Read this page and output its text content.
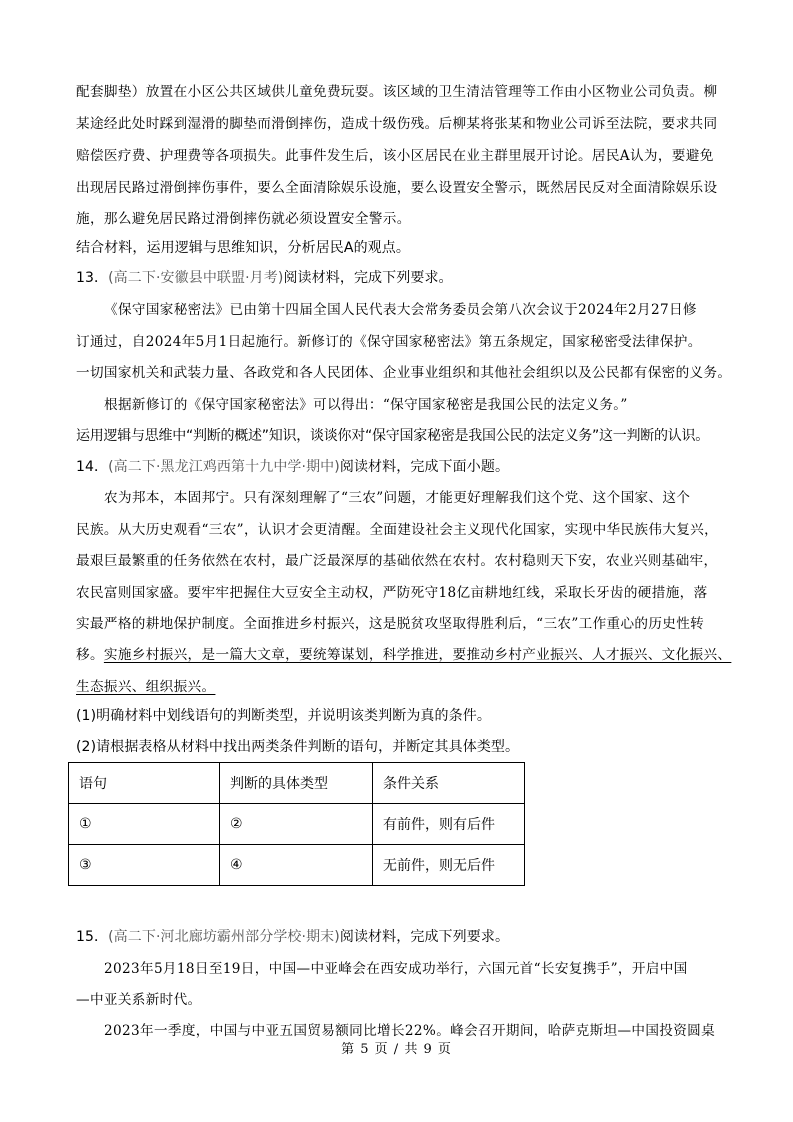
配套脚垫）放置在小区公共区域供儿童免费玩耍。该区域的卫生清洁管理等工作由小区物业公司负责。柳
某途经此处时踩到湿滑的脚垫而滑倒摔伤，造成十级伤残。后柳某将张某和物业公司诉至法院，要求共同
赔偿医疗费、护理费等各项损失。此事件发生后，该小区居民在业主群里展开讨论。居民A认为，要避免
出现居民路过滑倒摔伤事件，要么全面清除娱乐设施，要么设置安全警示，既然居民反对全面清除娱乐设
施，那么避免居民路过滑倒摔伤就必须设置安全警示。
结合材料，运用逻辑与思维知识，分析居民A的观点。
13．(高二下·安徽县中联盟·月考)阅读材料，完成下列要求。
《保守国家秘密法》已由第十四届全国人民代表大会常务委员会第八次会议于2024年2月27日修
订通过，自2024年5月1日起施行。新修订的《保守国家秘密法》第五条规定，国家秘密受法律保护。
一切国家机关和武装力量、各政党和各人民团体、企业事业组织和其他社会组织以及公民都有保密的义务。
根据新修订的《保守国家秘密法》可以得出：“保守国家秘密是我国公民的法定义务。”
运用逻辑与思维中“判断的概述”知识，谈谈你对“保守国家秘密是我国公民的法定义务”这一判断的认识。
14．(高二下·黑龙江鸡西第十九中学·期中)阅读材料，完成下面小题。
农为邦本，本固邦宁。只有深刻理解了“三农”问题，才能更好理解我们这个党、这个国家、这个
民族。从大历史观看“三农”，认识才会更清醒。全面建设社会主义现代化国家，实现中华民族伟大复兴，
最艰巨最繁重的任务依然在农村，最广泛最深厚的基础依然在农村。农村稳则天下安，农业兴则基础牢，
农民富则国家盛。要牢牢把握住大豆安全主动权，严防死守18亿亩耕地红线，采取长牙齿的硬措施，落
实最严格的耕地保护制度。全面推进乡村振兴，这是脱贫攻坚取得胜利后，“三农”工作重心的历史性转
移。实施乡村振兴，是一篇大文章，要统筹谋划，科学推进，要推动乡村产业振兴、人才振兴、文化振兴、
生态振兴、组织振兴。
(1)明确材料中划线语句的判断类型，并说明该类判断为真的条件。
(2)请根据表格从材料中找出两类条件判断的语句，并断定其具体类型。
语句	判断的具体类型	条件关系
①	②	有前件，则有后件
③	④	无前件，则无后件
15．(高二下·河北廊坊霸州部分学校·期末)阅读材料，完成下列要求。
2023年5月18日至19日，中国—中亚峰会在西安成功举行，六国元首“长安复携手”，开启中国
—中亚关系新时代。
2023年一季度，中国与中亚五国贸易额同比增长22%。峰会召开期间，哈萨克斯坦—中国投资圆桌
第 5 页 / 共 9 页
